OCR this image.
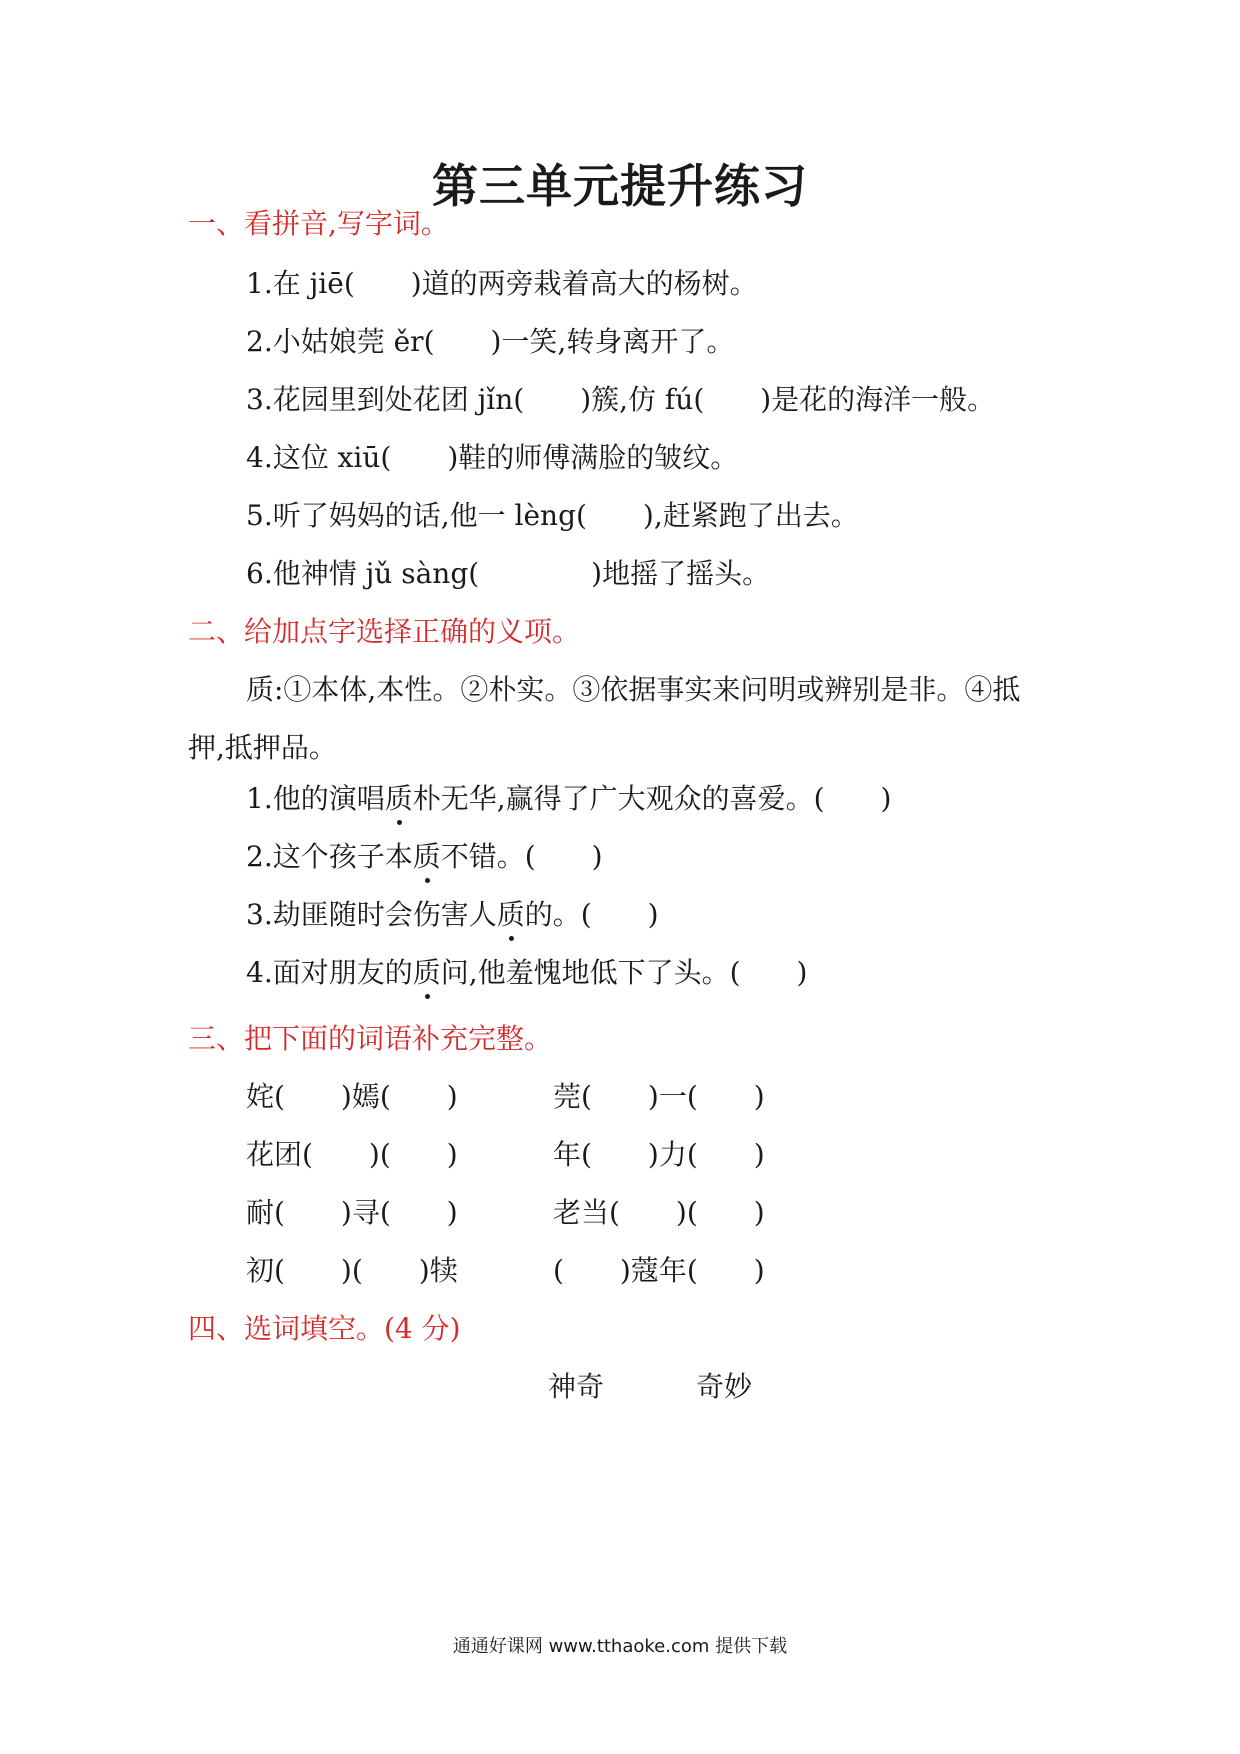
第三单元提升练习
一、看拼音,写字词。
1.在 jiē(　　)道的两旁栽着高大的杨树。
2.小姑娘莞 ěr(　　)一笑,转身离开了。
3.花园里到处花团 jǐn(　　)簇,仿 fú(　　)是花的海洋一般。
4.这位 xiū(　　)鞋的师傅满脸的皱纹。
5.听了妈妈的话,他一 lèng(　　),赶紧跑了出去。
6.他神情 jǔ sàng(　　　　)地摇了摇头。
二、给加点字选择正确的义项。
质:①本体,本性。②朴实。③依据事实来问明或辨别是非。④抵
押,抵押品。
1.他的演唱质朴无华,赢得了广大观众的喜爱。(　　)
2.这个孩子本质不错。(　　)
3.劫匪随时会伤害人质的。(　　)
4.面对朋友的质问,他羞愧地低下了头。(　　)
三、把下面的词语补充完整。
姹(　　)嫣(　　)	莞(　　)一(　　)
花团(　　)(　　)	年(　　)力(　　)
耐(　　)寻(　　)	老当(　　)(　　)
初(　　)(　　)犊	(　　)蔻年(　　)
四、选词填空。(4 分)
神奇	奇妙
通通好课网 www.tthaoke.com 提供下载
